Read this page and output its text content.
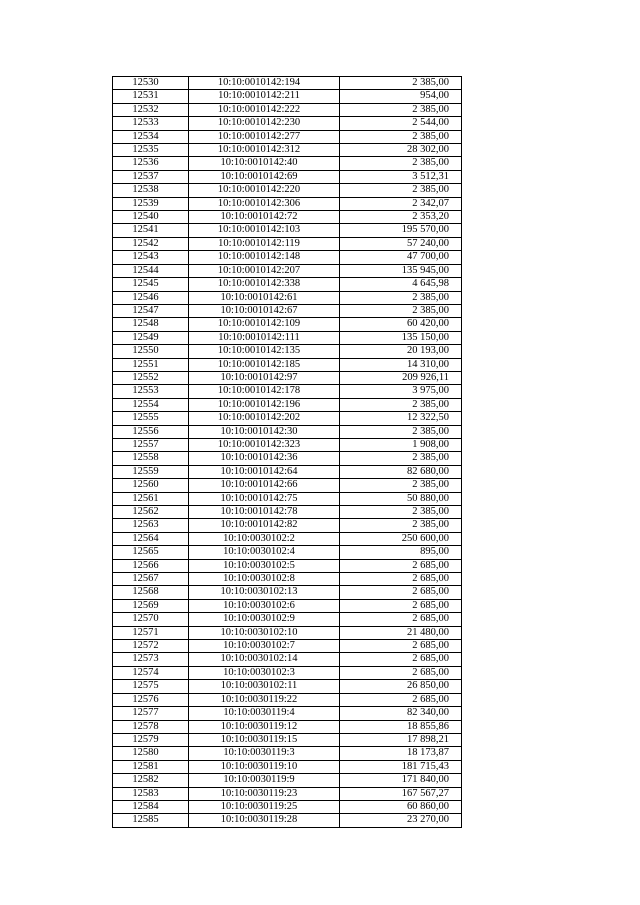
12530	10:10:0010142:194	2 385,00
12531	10:10:0010142:211	954,00
12532	10:10:0010142:222	2 385,00
12533	10:10:0010142:230	2 544,00
12534	10:10:0010142:277	2 385,00
12535	10:10:0010142:312	28 302,00
12536	10:10:0010142:40	2 385,00
12537	10:10:0010142:69	3 512,31
12538	10:10:0010142:220	2 385,00
12539	10:10:0010142:306	2 342,07
12540	10:10:0010142:72	2 353,20
12541	10:10:0010142:103	195 570,00
12542	10:10:0010142:119	57 240,00
12543	10:10:0010142:148	47 700,00
12544	10:10:0010142:207	135 945,00
12545	10:10:0010142:338	4 645,98
12546	10:10:0010142:61	2 385,00
12547	10:10:0010142:67	2 385,00
12548	10:10:0010142:109	60 420,00
12549	10:10:0010142:111	135 150,00
12550	10:10:0010142:135	20 193,00
12551	10:10:0010142:185	14 310,00
12552	10:10:0010142:97	209 926,11
12553	10:10:0010142:178	3 975,00
12554	10:10:0010142:196	2 385,00
12555	10:10:0010142:202	12 322,50
12556	10:10:0010142:30	2 385,00
12557	10:10:0010142:323	1 908,00
12558	10:10:0010142:36	2 385,00
12559	10:10:0010142:64	82 680,00
12560	10:10:0010142:66	2 385,00
12561	10:10:0010142:75	50 880,00
12562	10:10:0010142:78	2 385,00
12563	10:10:0010142:82	2 385,00
12564	10:10:0030102:2	250 600,00
12565	10:10:0030102:4	895,00
12566	10:10:0030102:5	2 685,00
12567	10:10:0030102:8	2 685,00
12568	10:10:0030102:13	2 685,00
12569	10:10:0030102:6	2 685,00
12570	10:10:0030102:9	2 685,00
12571	10:10:0030102:10	21 480,00
12572	10:10:0030102:7	2 685,00
12573	10:10:0030102:14	2 685,00
12574	10:10:0030102:3	2 685,00
12575	10:10:0030102:11	26 850,00
12576	10:10:0030119:22	2 685,00
12577	10:10:0030119:4	82 340,00
12578	10:10:0030119:12	18 855,86
12579	10:10:0030119:15	17 898,21
12580	10:10:0030119:3	18 173,87
12581	10:10:0030119:10	181 715,43
12582	10:10:0030119:9	171 840,00
12583	10:10:0030119:23	167 567,27
12584	10:10:0030119:25	60 860,00
12585	10:10:0030119:28	23 270,00
